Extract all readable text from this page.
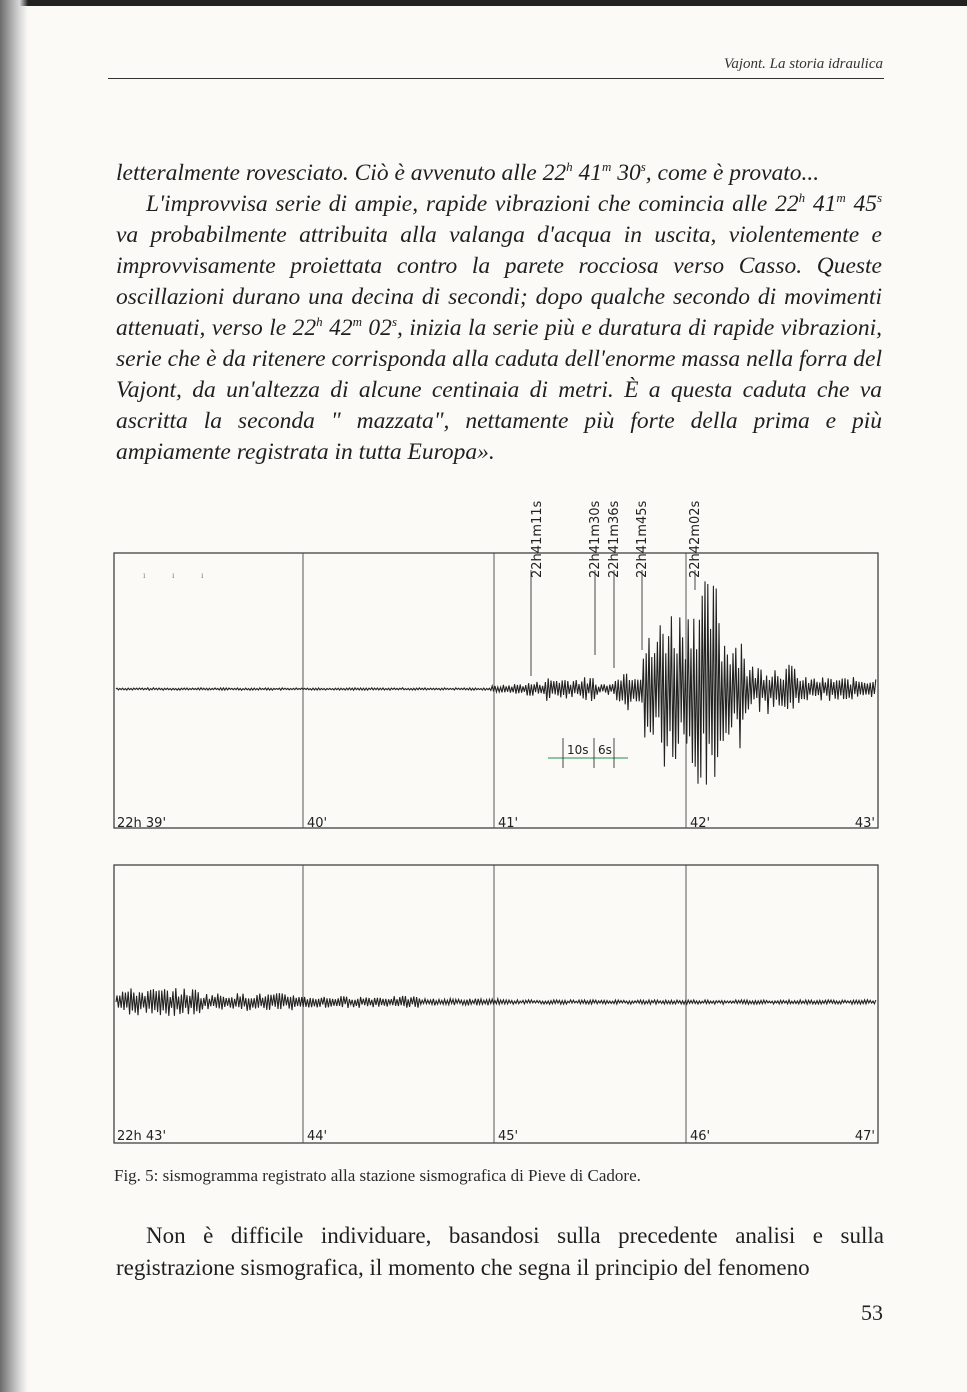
Vajont. La storia idraulica

letteralmente rovesciato. Ciò è avvenuto alle 22$^h$ 41$^m$ 30$^s$, come è provato...

L'improvvisa serie di ampie, rapide vibrazioni che comincia alle 22$^h$ 41$^m$ 45$^s$ va probabilmente attribuita alla valanga d'acqua in uscita, violentemente e improvvisamente proiettata contro la parete rocciosa verso Casso. Queste oscillazioni durano una decina di secondi; dopo qualche secondo di movimenti attenuati, verso le 22$^h$ 42$^m$ 02$^s$, inizia la serie più e duratura di rapide vibrazioni, serie che è da ritenere corrisponda alla caduta dell'enorme massa nella forra del Vajont, da un'altezza di alcune centinaia di metri. È a questa caduta che va ascritta la seconda " mazzata", nettamente più forte della prima e più ampiamente registrata in tutta Europa».

ı	ı	ı	22h41m11s	22h41m30s 22h41m36s 22h41m45s	22h42m02s
10s 6s
22h 39'	40'	41'	42'	43'
22h 43'	44'	45'	46'	47'
Fig. 5: sismogramma registrato alla stazione sismografica di Pieve di Cadore.
Non è difficile individuare, basandosi sulla precedente analisi e sulla registrazione sismografica, il momento che segna il principio del fenomeno
53
